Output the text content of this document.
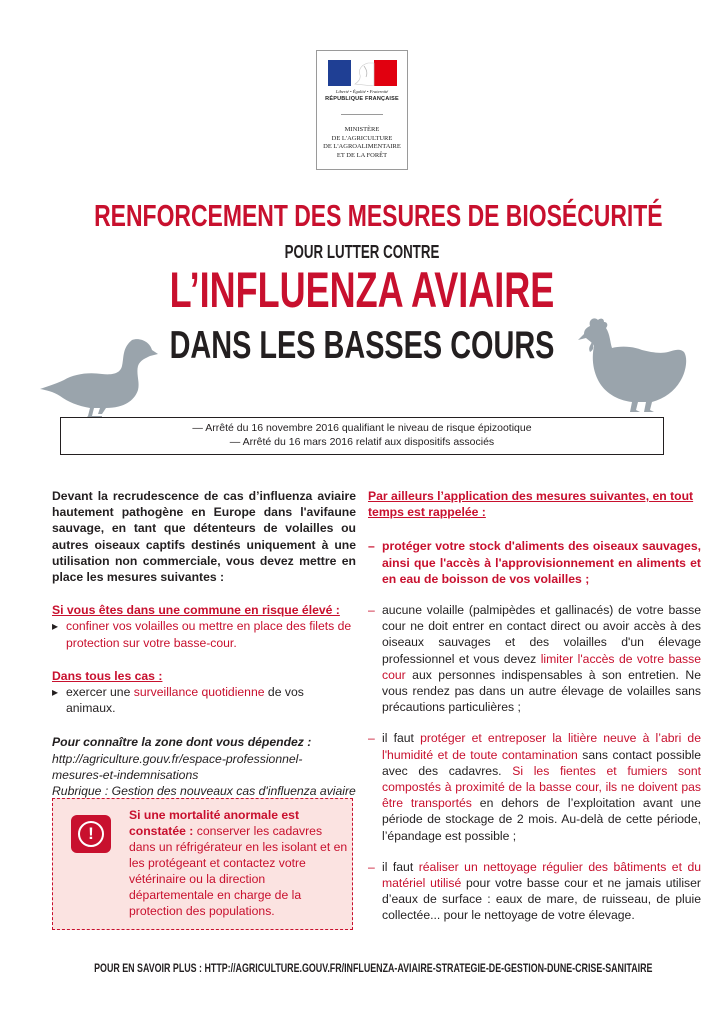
Liberté • Égalité • Fraternité
RÉPUBLIQUE FRANÇAISE
MINISTÈRE
DE L'AGRICULTURE
DE L'AGROALIMENTAIRE
ET DE LA FORÊT
RENFORCEMENT DES MESURES DE BIOSÉCURITÉ
POUR LUTTER CONTRE
L’INFLUENZA AVIAIRE
DANS LES BASSES COURS
— Arrêté du 16 novembre 2016 qualifiant le niveau de risque épizootique
— Arrêté du 16 mars 2016 relatif aux dispositifs associés

Devant la recrudescence de cas d’influenza aviaire hautement pathogène en Europe dans l'avifaune sauvage, en tant que détenteurs de volailles ou autres oiseaux captifs destinés uniquement à une utilisation non commerciale, vous devez mettre en place les mesures suivantes :

Si vous êtes dans une commune en risque élevé :

▸ confiner vos volailles ou mettre en place des filets de protection sur votre basse-cour.

Dans tous les cas :

▸ exercer une surveillance quotidienne de vos animaux.

Pour connaître la zone dont vous dépendez :

http://agriculture.gouv.fr/espace-professionnel-

mesures-et-indemnisations

Rubrique : Gestion des nouveaux cas d'influenza aviaire

!
Si une mortalité anormale est constatée : conserver les cadavres dans un réfrigérateur en les isolant et en les protégeant et contactez votre vétérinaire ou la direction départementale en charge de la protection des populations.

Par ailleurs l’application des mesures suivantes, en tout temps est rappelée :

– protéger votre stock d'aliments des oiseaux sauvages, ainsi que l'accès à l'approvisionnement en aliments et en eau de boisson de vos volailles ;

– aucune volaille (palmipèdes et gallinacés) de votre basse cour ne doit entrer en contact direct ou avoir accès à des oiseaux sauvages et des volailles d'un élevage professionnel et vous devez limiter l'accès de votre basse cour aux personnes indispensables à son entretien. Ne vous rendez pas dans un autre élevage de volailles sans précautions particulières ;

– il faut protéger et entreposer la litière neuve à l’abri de l'humidité et de toute contamination sans contact possible avec des cadavres. Si les fientes et fumiers sont compostés à proximité de la basse cour, ils ne doivent pas être transportés en dehors de l’exploitation avant une période de stockage de 2 mois. Au-delà de cette période, l’épandage est possible ;

– il faut réaliser un nettoyage régulier des bâtiments et du matériel utilisé pour votre basse cour et ne jamais utiliser d’eaux de surface : eaux de mare, de ruisseau, de pluie collectée... pour le nettoyage de votre élevage.

POUR EN SAVOIR PLUS : HTTP://AGRICULTURE.GOUV.FR/INFLUENZA-AVIAIRE-STRATEGIE-DE-GESTION-DUNE-CRISE-SANITAIRE
